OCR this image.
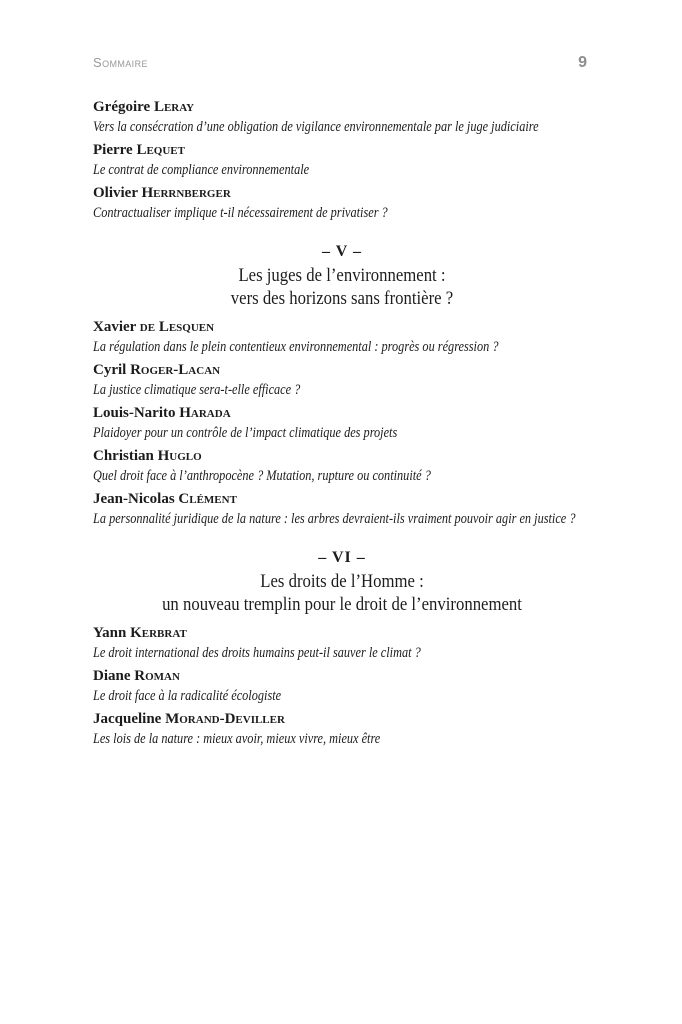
Sommaire	9

Grégoire Leray

Vers la consécration d’une obligation de vigilance environnementale par le juge judiciaire

Pierre Lequet

Le contrat de compliance environnementale

Olivier Herrnberger

Contractualiser implique t-il nécessairement de privatiser ?
– V –
Les juges de l’environnement :
vers des horizons sans frontière ?

Xavier de Lesquen

La régulation dans le plein contentieux environnemental : progrès ou régression ?

Cyril Roger-Lacan

La justice climatique sera-t-elle efficace ?

Louis-Narito Harada

Plaidoyer pour un contrôle de l’impact climatique des projets

Christian Huglo

Quel droit face à l’anthropocène ? Mutation, rupture ou continuité ?

Jean-Nicolas Clément

La personnalité juridique de la nature : les arbres devraient-ils vraiment pouvoir agir en justice ?
– VI –
Les droits de l’Homme :
un nouveau tremplin pour le droit de l’environnement

Yann Kerbrat

Le droit international des droits humains peut-il sauver le climat ?

Diane Roman

Le droit face à la radicalité écologiste

Jacqueline Morand-Deviller

Les lois de la nature : mieux avoir, mieux vivre, mieux être
